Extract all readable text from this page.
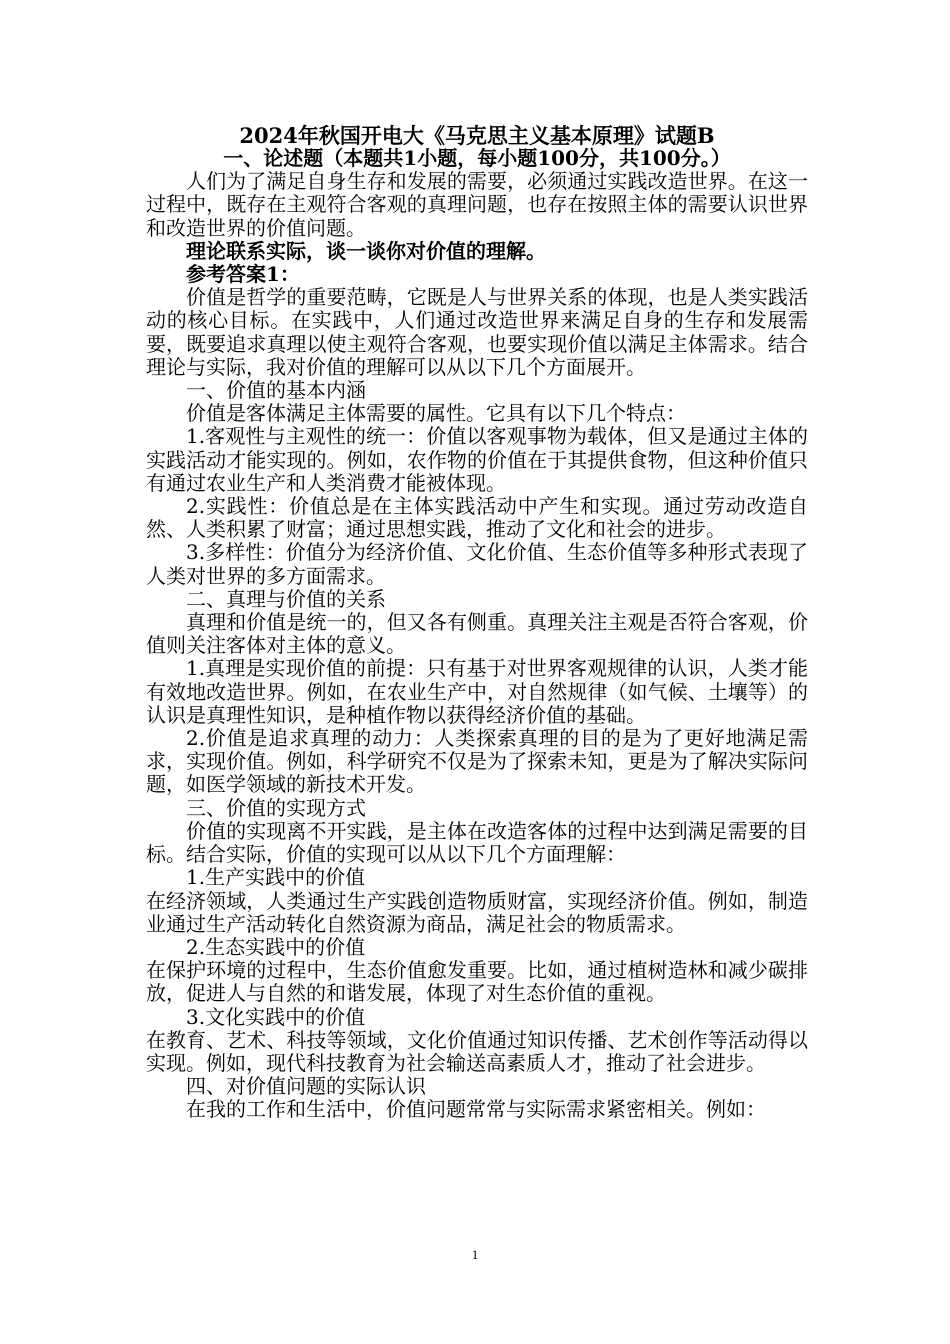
2024年秋国开电大《马克思主义基本原理》试题B

一、论述题（本题共1小题，每小题100分，共100分。）

人们为了满足自身生存和发展的需要，必须通过实践改造世界。在这一过程中，既存在主观符合客观的真理问题，也存在按照主体的需要认识世界和改造世界的价值问题。

理论联系实际，谈一谈你对价值的理解。

参考答案1：

价值是哲学的重要范畴，它既是人与世界关系的体现，也是人类实践活动的核心目标。在实践中，人们通过改造世界来满足自身的生存和发展需要，既要追求真理以使主观符合客观，也要实现价值以满足主体需求。结合理论与实际，我对价值的理解可以从以下几个方面展开。

一、价值的基本内涵

价值是客体满足主体需要的属性。它具有以下几个特点：

1.客观性与主观性的统一：价值以客观事物为载体，但又是通过主体的实践活动才能实现的。例如，农作物的价值在于其提供食物，但这种价值只有通过农业生产和人类消费才能被体现。

2.实践性：价值总是在主体实践活动中产生和实现。通过劳动改造自然、人类积累了财富；通过思想实践，推动了文化和社会的进步。

3.多样性：价值分为经济价值、文化价值、生态价值等多种形式表现了人类对世界的多方面需求。

二、真理与价值的关系

真理和价值是统一的，但又各有侧重。真理关注主观是否符合客观，价值则关注客体对主体的意义。

1.真理是实现价值的前提：只有基于对世界客观规律的认识，人类才能有效地改造世界。例如，在农业生产中，对自然规律（如气候、土壤等）的认识是真理性知识，是种植作物以获得经济价值的基础。

2.价值是追求真理的动力：人类探索真理的目的是为了更好地满足需求，实现价值。例如，科学研究不仅是为了探索未知，更是为了解决实际问题，如医学领域的新技术开发。

三、价值的实现方式

价值的实现离不开实践，是主体在改造客体的过程中达到满足需要的目标。结合实际，价值的实现可以从以下几个方面理解：

1.生产实践中的价值

在经济领域，人类通过生产实践创造物质财富，实现经济价值。例如，制造业通过生产活动转化自然资源为商品，满足社会的物质需求。

2.生态实践中的价值

在保护环境的过程中，生态价值愈发重要。比如，通过植树造林和减少碳排放，促进人与自然的和谐发展，体现了对生态价值的重视。

3.文化实践中的价值

在教育、艺术、科技等领域，文化价值通过知识传播、艺术创作等活动得以实现。例如，现代科技教育为社会输送高素质人才，推动了社会进步。

四、对价值问题的实际认识

在我的工作和生活中，价值问题常常与实际需求紧密相关。例如：

1
